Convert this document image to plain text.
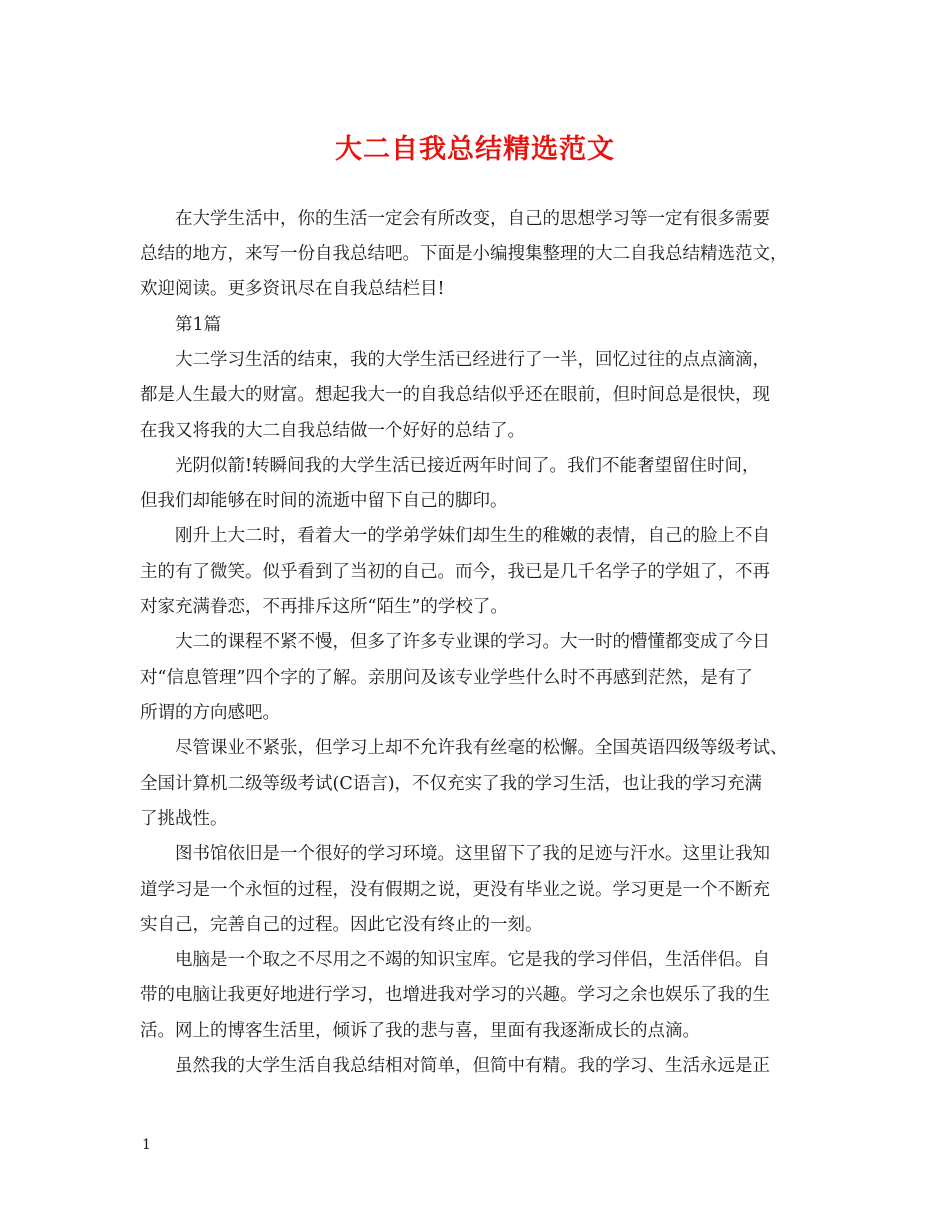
大二自我总结精选范文
　　在大学生活中，你的生活一定会有所改变，自己的思想学习等一定有很多需要
总结的地方，来写一份自我总结吧。下面是小编搜集整理的大二自我总结精选范文，
欢迎阅读。更多资讯尽在自我总结栏目!
　　第1篇
　　大二学习生活的结束，我的大学生活已经进行了一半，回忆过往的点点滴滴，
都是人生最大的财富。想起我大一的自我总结似乎还在眼前，但时间总是很快，现
在我又将我的大二自我总结做一个好好的总结了。
　　光阴似箭!转瞬间我的大学生活已接近两年时间了。我们不能奢望留住时间，
但我们却能够在时间的流逝中留下自己的脚印。
　　刚升上大二时，看着大一的学弟学妹们却生生的稚嫩的表情，自己的脸上不自
主的有了微笑。似乎看到了当初的自己。而今，我已是几千名学子的学姐了，不再
对家充满眷恋，不再排斥这所“陌生”的学校了。
　　大二的课程不紧不慢，但多了许多专业课的学习。大一时的懵懂都变成了今日
对“信息管理”四个字的了解。亲朋问及该专业学些什么时不再感到茫然，是有了
所谓的方向感吧。
　　尽管课业不紧张，但学习上却不允许我有丝毫的松懈。全国英语四级等级考试、
全国计算机二级等级考试(C语言)，不仅充实了我的学习生活，也让我的学习充满
了挑战性。
　　图书馆依旧是一个很好的学习环境。这里留下了我的足迹与汗水。这里让我知
道学习是一个永恒的过程，没有假期之说，更没有毕业之说。学习更是一个不断充
实自己，完善自己的过程。因此它没有终止的一刻。
　　电脑是一个取之不尽用之不竭的知识宝库。它是我的学习伴侣，生活伴侣。自
带的电脑让我更好地进行学习，也增进我对学习的兴趣。学习之余也娱乐了我的生
活。网上的博客生活里，倾诉了我的悲与喜，里面有我逐渐成长的点滴。
　　虽然我的大学生活自我总结相对简单，但简中有精。我的学习、生活永远是正
1
